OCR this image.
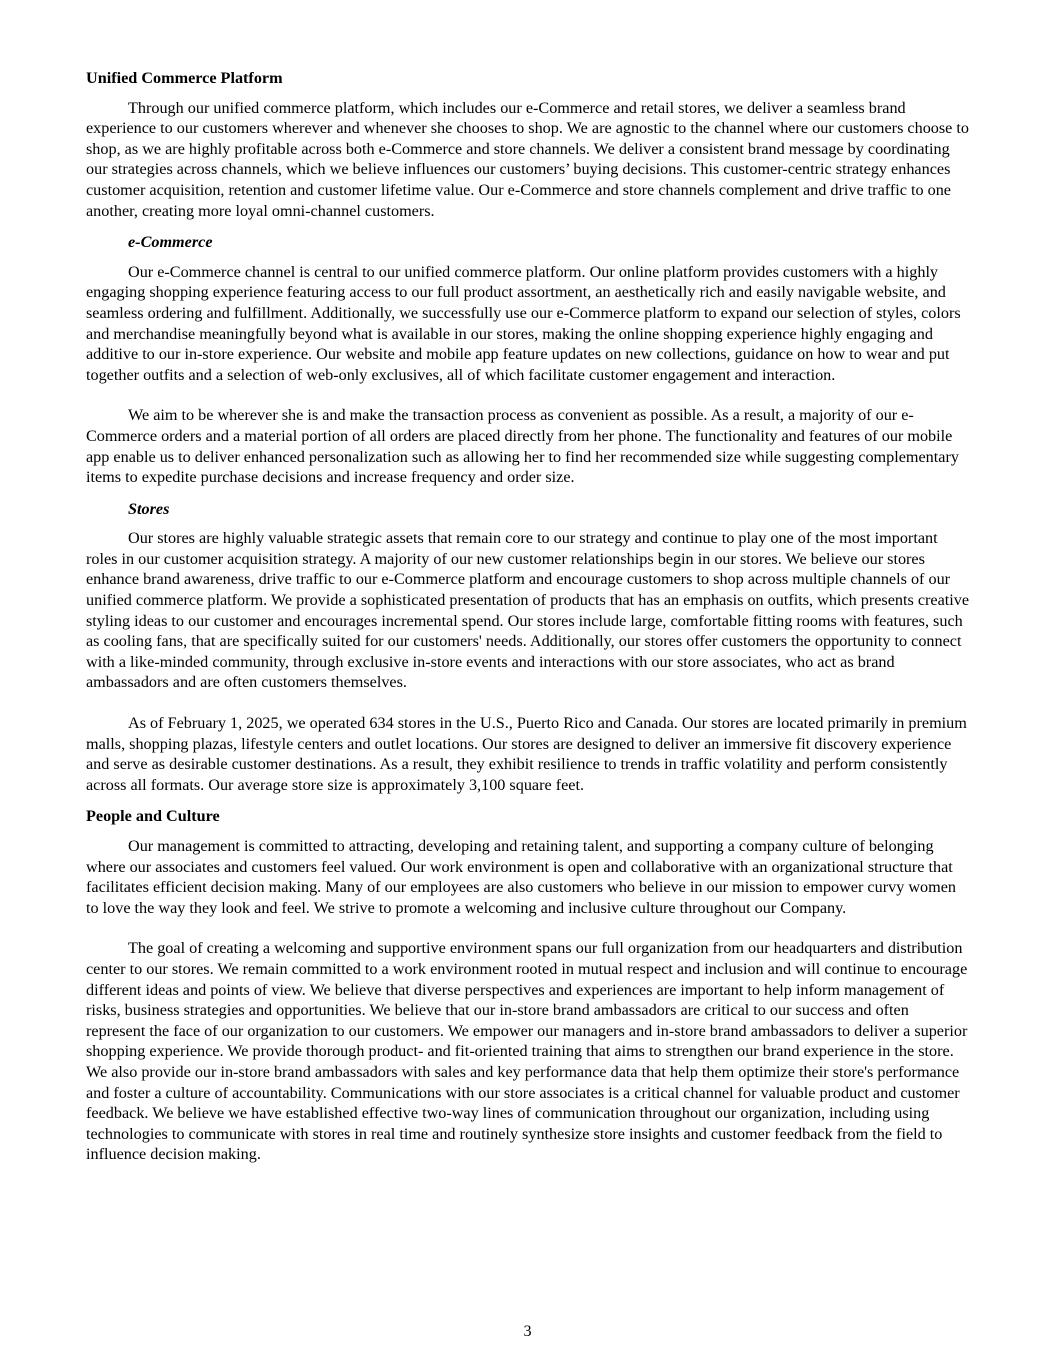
Unified Commerce Platform

Through our unified commerce platform, which includes our e-Commerce and retail stores, we deliver a seamless brand experience to our customers wherever and whenever she chooses to shop. We are agnostic to the channel where our customers choose to shop, as we are highly profitable across both e-Commerce and store channels. We deliver a consistent brand message by coordinating our strategies across channels, which we believe influences our customers’ buying decisions. This customer-centric strategy enhances customer acquisition, retention and customer lifetime value. Our e-Commerce and store channels complement and drive traffic to one another, creating more loyal omni-channel customers.

e-Commerce

Our e-Commerce channel is central to our unified commerce platform. Our online platform provides customers with a highly engaging shopping experience featuring access to our full product assortment, an aesthetically rich and easily navigable website, and seamless ordering and fulfillment. Additionally, we successfully use our e-Commerce platform to expand our selection of styles, colors and merchandise meaningfully beyond what is available in our stores, making the online shopping experience highly engaging and additive to our in-store experience. Our website and mobile app feature updates on new collections, guidance on how to wear and put together outfits and a selection of web-only exclusives, all of which facilitate customer engagement and interaction.

We aim to be wherever she is and make the transaction process as convenient as possible. As a result, a majority of our e-Commerce orders and a material portion of all orders are placed directly from her phone. The functionality and features of our mobile app enable us to deliver enhanced personalization such as allowing her to find her recommended size while suggesting complementary items to expedite purchase decisions and increase frequency and order size.

Stores

Our stores are highly valuable strategic assets that remain core to our strategy and continue to play one of the most important roles in our customer acquisition strategy. A majority of our new customer relationships begin in our stores. We believe our stores enhance brand awareness, drive traffic to our e-Commerce platform and encourage customers to shop across multiple channels of our unified commerce platform. We provide a sophisticated presentation of products that has an emphasis on outfits, which presents creative styling ideas to our customer and encourages incremental spend. Our stores include large, comfortable fitting rooms with features, such as cooling fans, that are specifically suited for our customers' needs. Additionally, our stores offer customers the opportunity to connect with a like-minded community, through exclusive in-store events and interactions with our store associates, who act as brand ambassadors and are often customers themselves.

As of February 1, 2025, we operated 634 stores in the U.S., Puerto Rico and Canada. Our stores are located primarily in premium malls, shopping plazas, lifestyle centers and outlet locations. Our stores are designed to deliver an immersive fit discovery experience and serve as desirable customer destinations. As a result, they exhibit resilience to trends in traffic volatility and perform consistently across all formats. Our average store size is approximately 3,100 square feet.

People and Culture

Our management is committed to attracting, developing and retaining talent, and supporting a company culture of belonging where our associates and customers feel valued. Our work environment is open and collaborative with an organizational structure that facilitates efficient decision making. Many of our employees are also customers who believe in our mission to empower curvy women to love the way they look and feel. We strive to promote a welcoming and inclusive culture throughout our Company.

The goal of creating a welcoming and supportive environment spans our full organization from our headquarters and distribution center to our stores. We remain committed to a work environment rooted in mutual respect and inclusion and will continue to encourage different ideas and points of view. We believe that diverse perspectives and experiences are important to help inform management of risks, business strategies and opportunities. We believe that our in-store brand ambassadors are critical to our success and often represent the face of our organization to our customers. We empower our managers and in-store brand ambassadors to deliver a superior shopping experience. We provide thorough product- and fit-oriented training that aims to strengthen our brand experience in the store. We also provide our in-store brand ambassadors with sales and key performance data that help them optimize their store's performance and foster a culture of accountability. Communications with our store associates is a critical channel for valuable product and customer feedback. We believe we have established effective two-way lines of communication throughout our organization, including using technologies to communicate with stores in real time and routinely synthesize store insights and customer feedback from the field to influence decision making.

3
